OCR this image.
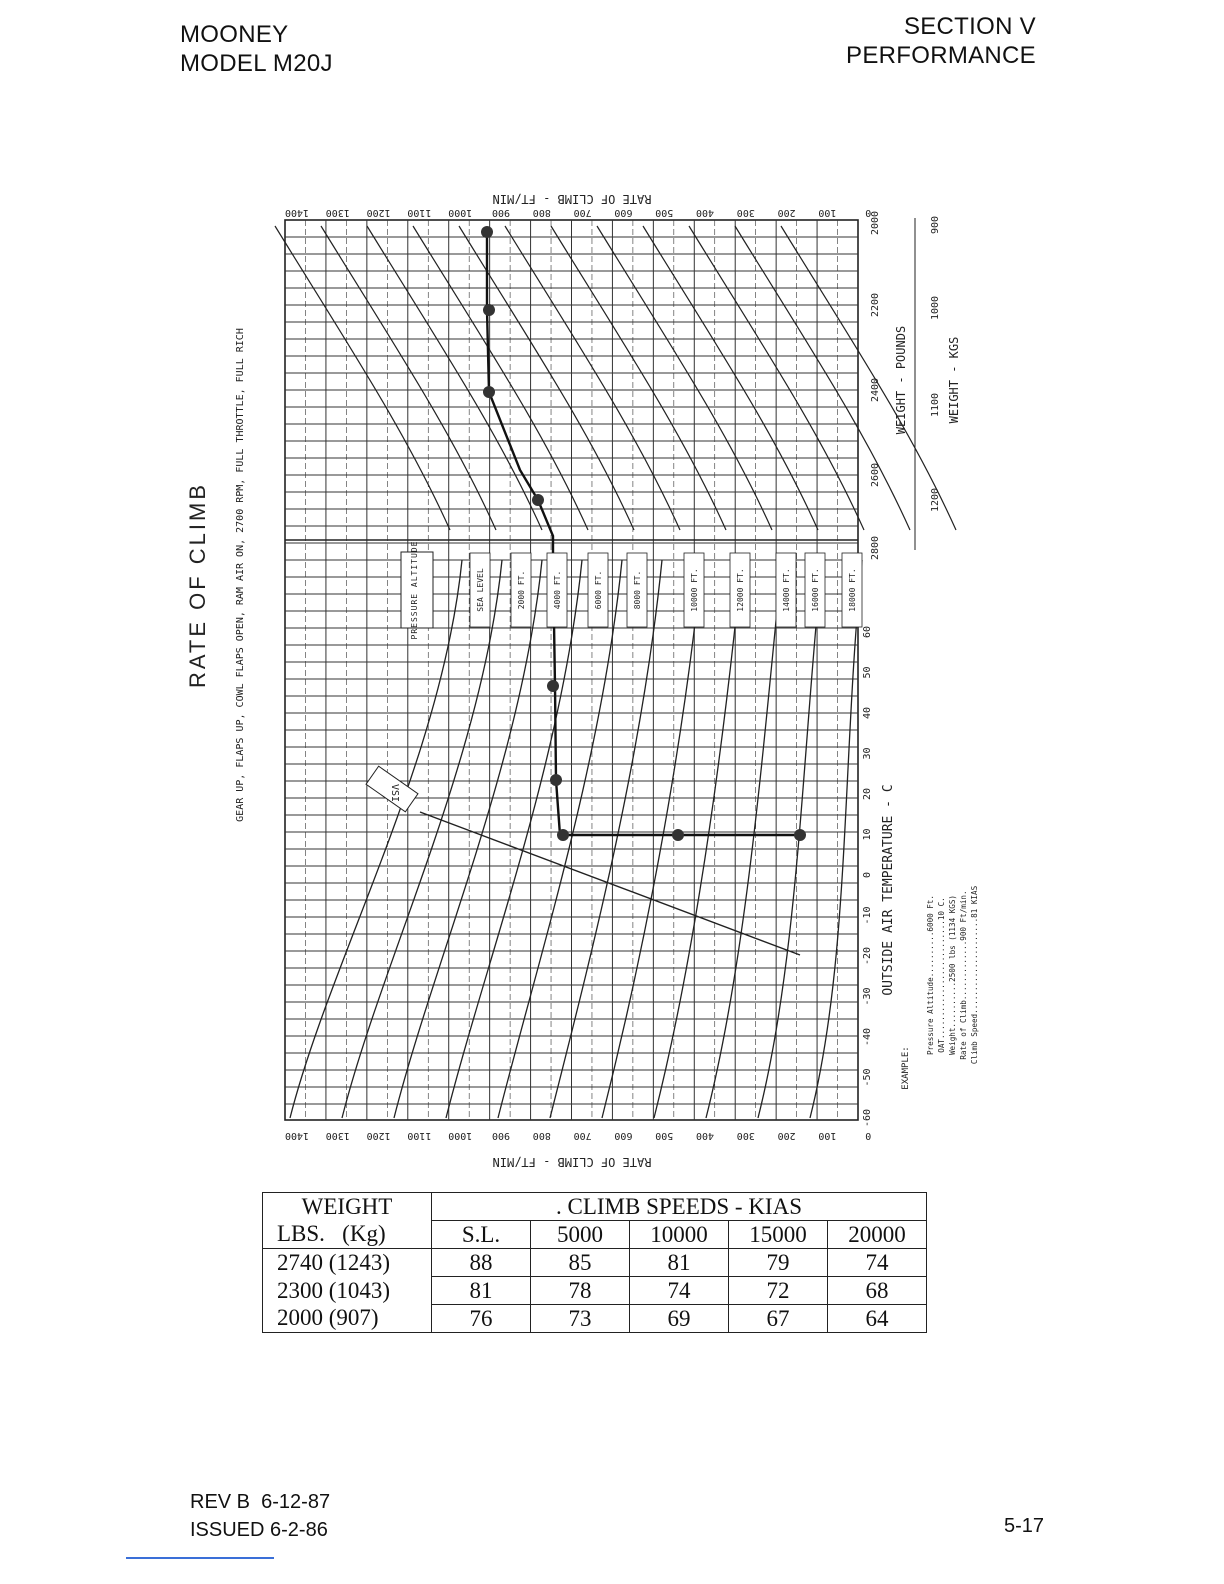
MOONEY
MODEL M20J
SECTION V
PERFORMANCE
RATE OF CLIMB	GEAR UP, FLAPS UP, COWL FLAPS OPEN, RAM AIR ON, 2700 RPM, FULL THROTTLE, FULL RICH
RATE OF CLIMB - FT/MIN
RATE OF CLIMB - FT/MIN
1400
1400
1300
1300
1200
1200
1100
1100
1000
1000
900
900
800
800
700
700
600
600
500
500
400
400
300
300
200
200
100
100
0
0
WEIGHT - POUNDS
2000
2200
2400
2600
2800
WEIGHT - KGS
900
1000
1100
1200
OUTSIDE AIR TEMPERATURE - C
60
50
40
30
20
10
0
-10
-20
-30
-40
-50
-60
PRESSURE ALTITUDE	SEA LEVEL	2000 FT.	4000 FT.	6000 FT.	8000 FT.	10000 FT.	12000 FT.	14000 FT.	16000 FT.	18000 FT.
VSI
EXAMPLE:
Pressure Altitude..........6000 Ft. OAT..........................10 C. Weight..........2500 lbs (1134 KGS) Rate of Climb.............900 Ft/min. Climb Speed.....................81 KIAS
WEIGHT	. CLIMB SPEEDS - KIAS				
LBS.   (Kg)	S.L.	5000	10000	15000	20000
2740 (1243)	88	85	81	79	74
2300 (1043)	81	78	74	72	68
2000 (907)	76	73	69	67	64
REV B  6-12-87
ISSUED 6-2-86	5-17
